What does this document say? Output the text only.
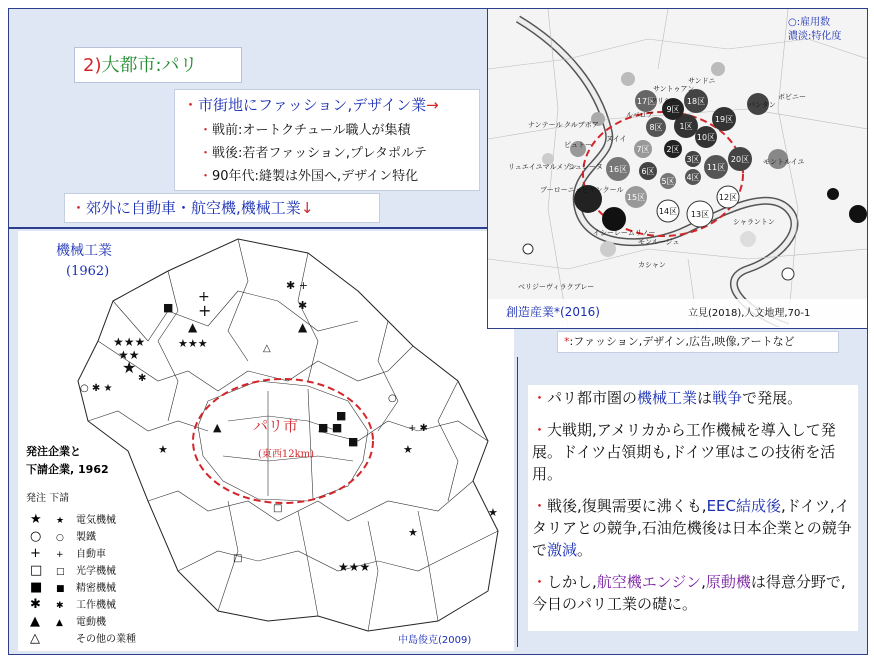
2)大都市:パリ
・市街地にファッション,デザイン業→
・戦前:オートクチュール職人が集積
・戦後:若者ファッション,プレタポルテ
・90年代:縫製は外国へ,デザイン特化
・郊外に自動車・航空機,機械工業↓
機械工業
(1962)
パリ市
(東西12km)
★★★
★★
★
★★★
▲
■ +
+
✱
✱ +
▲
○ ✱ ★
✱
■ ■
■
■
▲
★
+ ✱
★
□
★★★
★
★
□
○
△
発注企業と
下請企業, 1962
発注 下請
★ ★ 電気機械
○ ○ 製鐵
+ + 自動車
□ □ 光学機械
■ ■ 精密機械
✱ ✱ 工作機械
▲ ▲ 電動機
△	その他の業種	中島俊克(2009)
1区
2区
3区
4区
5区
6区
7区
8区
9区
10区
11区
12区
13区
14区
15区
16区
17区	18区
19区
20区
サンドニ
サントゥアン
クリシー
ルバロア
ヌイイ
ナンテール クルブボア
ピュトー
シュレーヌ
リュエイユマルメゾン
ブーローニュビヤンクール
イシーレームリノー
モンルージュ
カシャン
ベリジーヴィラクブレー
パンタン
ボビニー
モントルイユ
シャラントン
○:雇用数
濃淡:特化度
創造産業*(2016)	立見(2018),人文地理,70-1
*:ファッション,デザイン,広告,映像,アートなど

・パリ都市圏の機械工業は戦争で発展。

・大戦期,アメリカから工作機械を導入して発展。ドイツ占領期も,ドイツ軍はこの技術を活用。

・戦後,復興需要に沸くも,EEC結成後,ドイツ,イタリアとの競争,石油危機後は日本企業との競争で激減。

・しかし,航空機エンジン,原動機は得意分野で,今日のパリ工業の礎に。
